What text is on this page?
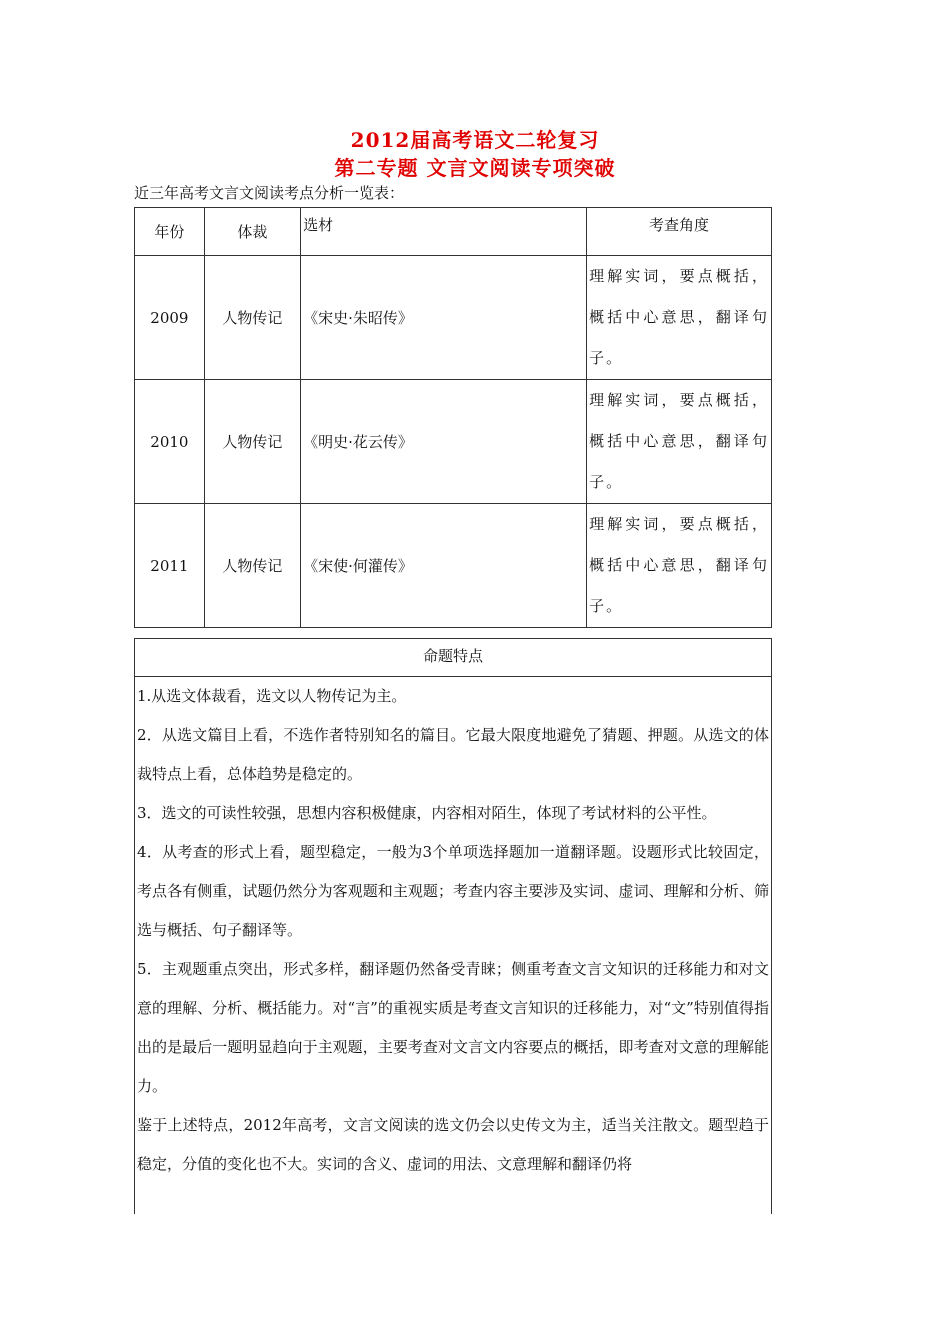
2012届高考语文二轮复习
第二专题 文言文阅读专项突破
近三年高考文言文阅读考点分析一览表：
年份	体裁	选材	考查角度
2009	人物传记	《宋史·朱昭传》	理解实词，要点概括，概括中心意思，翻译句子。

2010	人物传记	《明史·花云传》	理解实词，要点概括，概括中心意思，翻译句子。

2011	人物传记	《宋使·何灌传》	理解实词，要点概括，概括中心意思，翻译句子。
命题特点

1.从选文体裁看，选文以人物传记为主。

2．从选文篇目上看，不选作者特别知名的篇目。它最大限度地避免了猜题、押题。从选文的体裁特点上看，总体趋势是稳定的。

3．选文的可读性较强，思想内容积极健康，内容相对陌生，体现了考试材料的公平性。

4．从考查的形式上看，题型稳定，一般为3个单项选择题加一道翻译题。设题形式比较固定，考点各有侧重，试题仍然分为客观题和主观题；考查内容主要涉及实词、虚词、理解和分析、筛选与概括、句子翻译等。

5．主观题重点突出，形式多样，翻译题仍然备受青睐；侧重考查文言文知识的迁移能力和对文意的理解、分析、概括能力。对“言”的重视实质是考查文言知识的迁移能力，对“文”特别值得指出的是最后一题明显趋向于主观题，主要考查对文言文内容要点的概括，即考查对文意的理解能力。

鉴于上述特点，2012年高考，文言文阅读的选文仍会以史传文为主，适当关注散文。题型趋于稳定，分值的变化也不大。实词的含义、虚词的用法、文意理解和翻译仍将
